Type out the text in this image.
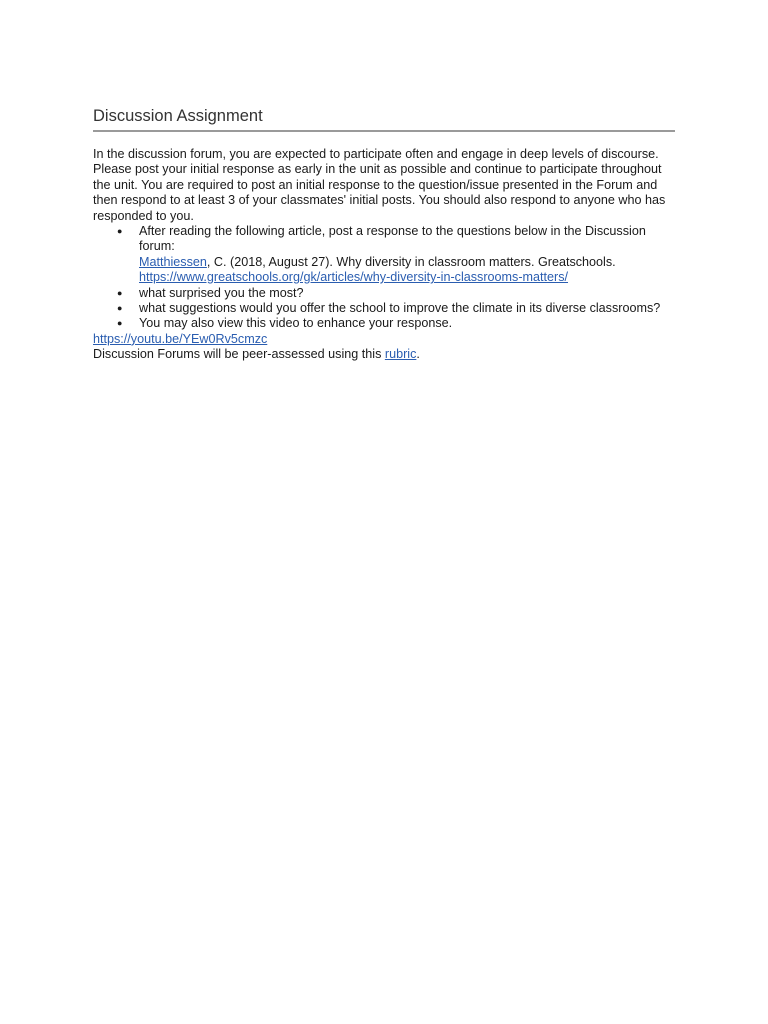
Discussion Assignment

In the discussion forum, you are expected to participate often and engage in deep levels of discourse. Please post your initial response as early in the unit as possible and continue to participate throughout the unit. You are required to post an initial response to the question/issue presented in the Forum and then respond to at least 3 of your classmates' initial posts. You should also respond to anyone who has responded to you.

● After reading the following article, post a response to the questions below in the Discussion forum:
Matthiessen, C. (2018, August 27). Why diversity in classroom matters. Greatschools. https://www.greatschools.org/gk/articles/why-diversity-in-classrooms-matters/
● what surprised you the most?
● what suggestions would you offer the school to improve the climate in its diverse classrooms?
● You may also view this video to enhance your response.
https://youtu.be/YEw0Rv5cmzc
Discussion Forums will be peer-assessed using this rubric.
